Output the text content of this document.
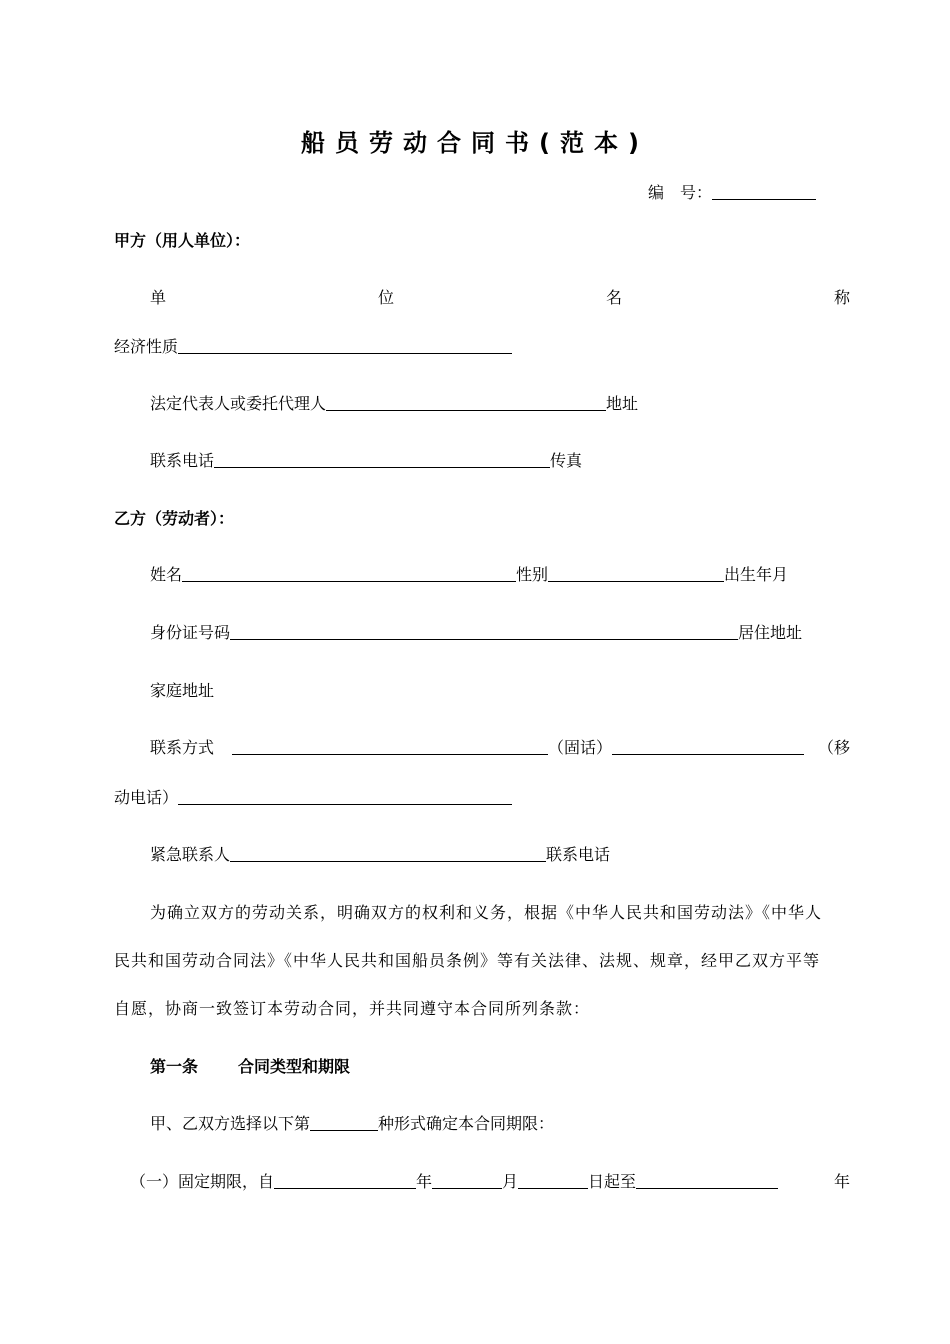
船员劳动合同书(范本)
编　号：
甲方（用人单位）：
单	位	名	称
经济性质
法定代表人或委托代理人	地址
联系电话	传真
乙方（劳动者）：
姓名	性别	出生年月
身份证号码	居住地址
家庭地址
联系方式	（固话）	（移
动电话）
紧急联系人	联系电话
为确立双方的劳动关系，明确双方的权利和义务，根据《中华人民共和国劳动法》《中华人
民共和国劳动合同法》《中华人民共和国船员条例》等有关法律、法规、规章，经甲乙双方平等
自愿，协商一致签订本劳动合同，并共同遵守本合同所列条款：
第一条	合同类型和期限
甲、乙双方选择以下第	种形式确定本合同期限：
（一）固定期限，自	年	月	日起至	年
